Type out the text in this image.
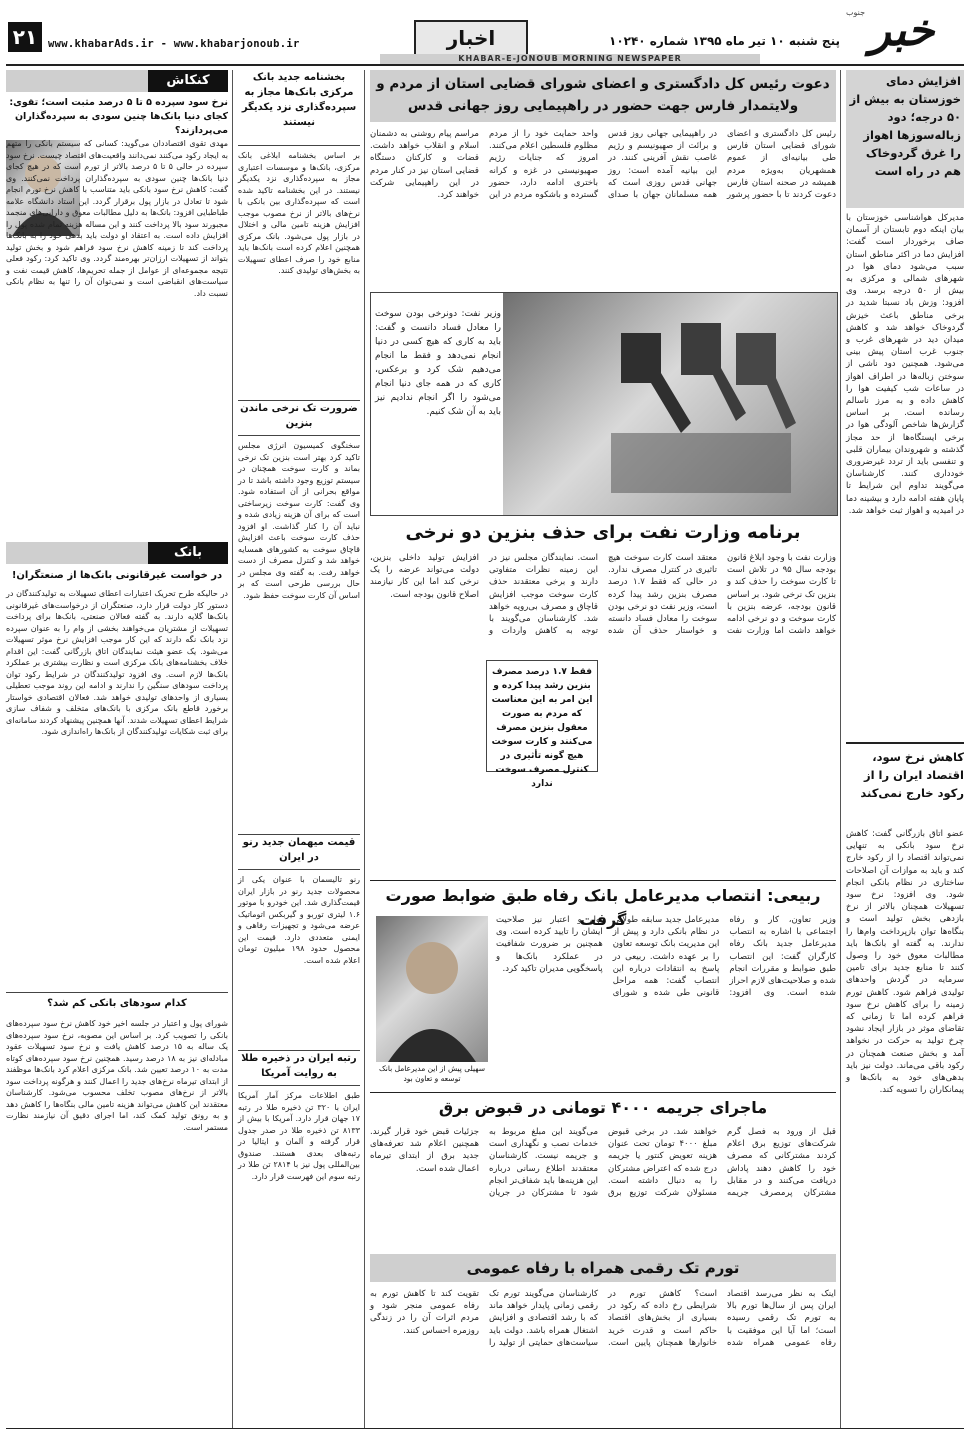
۲۱	www.khabarAds.ir - www.khabarjonoub.ir	اخبار	پنج شنبه ۱۰ تیر ماه ۱۳۹۵ شماره ۱۰۲۴۰ خبر
جنوب
KHABAR-E-JONOUB MORNING NEWSPAPER
افزایش دمای خوزستان به بیش از ۵۰ درجه؛ دود زباله‌سوزها اهواز را غرق گرد‌وخاک هم در راه است
مدیرکل هواشناسی خوزستان با بیان اینکه دوم تابستان از آسمان صاف برخوردار است گفت: افزایش دما در اکثر مناطق استان سبب می‌شود دمای هوا در شهرهای شمالی و مرکزی به بیش از ۵۰ درجه برسد. وی افزود: وزش باد نسبتا شدید در برخی مناطق باعث خیزش گرد‌وخاک خواهد شد و کاهش میدان دید در شهرهای غرب و جنوب غرب استان پیش بینی می‌شود. همچنین دود ناشی از سوختن زباله‌ها در اطراف اهواز در ساعات شب کیفیت هوا را کاهش داده و به مرز ناسالم رسانده است. بر اساس گزارش‌ها شاخص آلودگی هوا در برخی ایستگاه‌ها از حد مجاز گذشته و شهروندان بیماران قلبی و تنفسی باید از تردد غیرضروری خودداری کنند. کارشناسان می‌گویند تداوم این شرایط تا پایان هفته ادامه دارد و بیشینه دما در امیدیه و اهواز ثبت خواهد شد.
کاهش نرخ سود، اقتصاد ایران را از رکود خارج نمی‌کند
عضو اتاق بازرگانی گفت: کاهش نرخ سود بانکی به تنهایی نمی‌تواند اقتصاد را از رکود خارج کند و باید به موازات آن اصلاحات ساختاری در نظام بانکی انجام شود. وی افزود: نرخ سود تسهیلات همچنان بالاتر از نرخ بازدهی بخش تولید است و بنگاه‌ها توان بازپرداخت وام‌ها را ندارند. به گفته او بانک‌ها باید مطالبات معوق خود را وصول کنند تا منابع جدید برای تامین سرمایه در گردش واحدهای تولیدی فراهم شود. کاهش تورم زمینه را برای کاهش نرخ سود فراهم کرده اما تا زمانی که تقاضای موثر در بازار ایجاد نشود چرخ تولید به حرکت در نخواهد آمد و بخش صنعت همچنان در رکود باقی می‌ماند. دولت نیز باید بدهی‌های خود به بانک‌ها و پیمانکاران را تسویه کند.
دعوت رئیس کل دادگستری و اعضای شورای قضایی استان از مردم و ولایتمدار فارس جهت حضور در راهپیمایی روز جهانی قدس
رئیس کل دادگستری و اعضای شورای قضایی استان فارس طی بیانیه‌ای از عموم همشهریان به‌ویژه مردم همیشه در صحنه استان فارس دعوت کردند تا با حضور پرشور در راهپیمایی جهانی روز قدس و برائت از صهیونیسم و رژیم غاصب نقش آفرینی کنند. در این بیانیه آمده است: روز جهانی قدس روزی است که همه مسلمانان جهان با صدای واحد حمایت خود را از مردم مظلوم فلسطین اعلام می‌کنند. امروز که جنایات رژیم صهیونیستی در غزه و کرانه باختری ادامه دارد، حضور گسترده و باشکوه مردم در این مراسم پیام روشنی به دشمنان اسلام و انقلاب خواهد داشت. قضات و کارکنان دستگاه قضایی استان نیز در کنار مردم در این راهپیمایی شرکت خواهند کرد.
وزیر نفت: دونرخی بودن سوخت را معادل فساد دانست و گفت: باید به کاری که هیچ کسی در دنیا انجام نمی‌دهد و فقط ما انجام می‌دهیم شک کرد و برعکس، کاری که در همه جای دنیا انجام می‌شود را اگر انجام ندادیم نیز باید به آن شک کنیم.
برنامه وزارت نفت برای حذف بنزین دو نرخی
وزارت نفت با وجود ابلاغ قانون بودجه سال ۹۵ در تلاش است تا کارت سوخت را حذف کند و بنزین تک نرخی شود. بر اساس قانون بودجه، عرضه بنزین با کارت سوخت و دو نرخی ادامه خواهد داشت اما وزارت نفت معتقد است کارت سوخت هیچ تاثیری در کنترل مصرف ندارد. در حالی که فقط ۱.۷ درصد مصرف بنزین رشد پیدا کرده است، وزیر نفت دو نرخی بودن سوخت را معادل فساد دانسته و خواستار حذف آن شده است. نمایندگان مجلس نیز در این زمینه نظرات متفاوتی دارند و برخی معتقدند حذف کارت سوخت موجب افزایش قاچاق و مصرف بی‌رویه خواهد شد. کارشناسان می‌گویند با توجه به کاهش واردات و افزایش تولید داخلی بنزین، دولت می‌تواند عرضه را یک نرخی کند اما این کار نیازمند اصلاح قانون بودجه است.
فقط ۱.۷ درصد مصرف بنزین رشد پیدا کرده و این امر به این معناست که مردم به صورت معقول بنزین مصرف می‌کنند و کارت سوخت هیچ گونه تأثیری در کنترل مصرف سوخت ندارد
ربیعی: انتصاب مدیرعامل بانک رفاه طبق ضوابط صورت گرفت	وزیر تعاون، کار و رفاه اجتماعی با اشاره به انتصاب مدیرعامل جدید بانک رفاه کارگران گفت: این انتصاب طبق ضوابط و مقررات انجام شده و صلاحیت‌های لازم احراز شده است. وی افزود: مدیرعامل جدید سابقه طولانی در نظام بانکی دارد و پیش از این مدیریت بانک توسعه تعاون را بر عهده داشت. ربیعی در پاسخ به انتقادات درباره این انتصاب گفت: همه مراحل قانونی طی شده و شورای پول و اعتبار نیز صلاحیت ایشان را تایید کرده است. وی همچنین بر ضرورت شفافیت در عملکرد بانک‌ها و پاسخگویی مدیران تاکید کرد.
سهیلی پیش از این مدیرعامل بانک توسعه و تعاون بود
ماجرای جریمه ۴۰۰۰ تومانی در قبوض برق
قبل از ورود به فصل گرم شرکت‌های توزیع برق اعلام کردند مشترکانی که مصرف خود را کاهش دهند پاداش دریافت می‌کنند و در مقابل مشترکان پرمصرف جریمه خواهند شد. در برخی قبوض مبلغ ۴۰۰۰ تومان تحت عنوان هزینه تعویض کنتور یا جریمه درج شده که اعتراض مشترکان را به دنبال داشته است. مسئولان شرکت توزیع برق می‌گویند این مبلغ مربوط به خدمات نصب و نگهداری است و جریمه نیست. کارشناسان معتقدند اطلاع رسانی درباره این هزینه‌ها باید شفاف‌تر انجام شود تا مشترکان در جریان جزئیات قبض خود قرار گیرند. همچنین اعلام شد تعرفه‌های جدید برق از ابتدای تیرماه اعمال شده است.
تورم تک رقمی همراه با رفاه عمومی
اینک به نظر می‌رسد اقتصاد ایران پس از سال‌ها تورم بالا به تورم تک رقمی رسیده است؛ اما آیا این موفقیت با رفاه عمومی همراه شده است؟ کاهش تورم در شرایطی رخ داده که رکود در بسیاری از بخش‌های اقتصاد حاکم است و قدرت خرید خانوارها همچنان پایین است. کارشناسان می‌گویند تورم تک رقمی زمانی پایدار خواهد ماند که با رشد اقتصادی و افزایش اشتغال همراه باشد. دولت باید سیاست‌های حمایتی از تولید را تقویت کند تا کاهش تورم به رفاه عمومی منجر شود و مردم اثرات آن را در زندگی روزمره احساس کنند.
بخشنامه جدید بانک مرکزی بانک‌ها مجاز به سپرده‌گذاری نزد یکدیگر نیستند
بر اساس بخشنامه ابلاغی بانک مرکزی، بانک‌ها و موسسات اعتباری مجاز به سپرده‌گذاری نزد یکدیگر نیستند. در این بخشنامه تاکید شده است که سپرده‌گذاری بین بانکی با نرخ‌های بالاتر از نرخ مصوب موجب افزایش هزینه تامین مالی و اختلال در بازار پول می‌شود. بانک مرکزی همچنین اعلام کرده است بانک‌ها باید منابع خود را صرف اعطای تسهیلات به بخش‌های تولیدی کنند.
ضرورت تک نرخی ماندن بنزین
سخنگوی کمیسیون انرژی مجلس تاکید کرد بهتر است بنزین تک نرخی بماند و کارت سوخت همچنان در سیستم توزیع وجود داشته باشد تا در مواقع بحرانی از آن استفاده شود. وی گفت: کارت سوخت زیرساختی است که برای آن هزینه زیادی شده و نباید آن را کنار گذاشت. او افزود حذف کارت سوخت باعث افزایش قاچاق سوخت به کشورهای همسایه خواهد شد و کنترل مصرف از دست خواهد رفت. به گفته وی مجلس در حال بررسی طرحی است که بر اساس آن کارت سوخت حفظ شود.
قیمت میهمان جدید رنو در ایران
رنو تالیسمان با عنوان یکی از محصولات جدید رنو در بازار ایران قیمت‌گذاری شد. این خودرو با موتور ۱.۶ لیتری توربو و گیربکس اتوماتیک عرضه می‌شود و تجهیزات رفاهی و ایمنی متعددی دارد. قیمت این محصول حدود ۱۹۸ میلیون تومان اعلام شده است.
رتبه ایران در ذخیره طلا به روایت آمریکا
طبق اطلاعات مرکز آمار آمریکا ایران با ۳۲۰ تن ذخیره طلا در رتبه ۱۷ جهان قرار دارد. آمریکا با بیش از ۸۱۳۳ تن ذخیره طلا در صدر جدول قرار گرفته و آلمان و ایتالیا در رتبه‌های بعدی هستند. صندوق بین‌المللی پول نیز با ۲۸۱۴ تن طلا در رتبه سوم این فهرست قرار دارد.
کنکاش
نرخ سود سپرده ۵ تا ۵ درصد مثبت است؛ تقوی: کجای دنیا بانک‌ها چنین سودی به سپرده‌گذاران می‌پردازند؟
مهدی تقوی اقتصاددان می‌گوید: کسانی که سیستم بانکی را متهم به ایجاد رکود می‌کنند نمی‌دانند واقعیت‌های اقتصاد چیست. نرخ سود سپرده در حالی ۵ تا ۵ درصد بالاتر از تورم است که در هیچ کجای دنیا بانک‌ها چنین سودی به سپرده‌گذاران پرداخت نمی‌کنند. وی گفت: کاهش نرخ سود بانکی باید متناسب با کاهش نرخ تورم انجام شود تا تعادل در بازار پول برقرار گردد. این استاد دانشگاه علامه طباطبایی افزود: بانک‌ها به دلیل مطالبات معوق و دارایی‌های منجمد مجبورند سود بالا پرداخت کنند و این مساله هزینه تمام شده پول را افزایش داده است. به اعتقاد او دولت باید بدهی خود را به بانک‌ها پرداخت کند تا زمینه کاهش نرخ سود فراهم شود و بخش تولید بتواند از تسهیلات ارزان‌تر بهره‌مند گردد. وی تاکید کرد: رکود فعلی نتیجه مجموعه‌ای از عوامل از جمله تحریم‌ها، کاهش قیمت نفت و سیاست‌های انقباضی است و نمی‌توان آن را تنها به نظام بانکی نسبت داد.
بانک
در خواست غیرقانونی بانک‌ها از صنعتگران!
در حالیکه طرح تحریک اعتبارات اعطای تسهیلات به تولیدکنندگان در دستور کار دولت قرار دارد، صنعتگران از درخواست‌های غیرقانونی بانک‌ها گلایه دارند. به گفته فعالان صنعتی، بانک‌ها برای پرداخت تسهیلات از مشتریان می‌خواهند بخشی از وام را به عنوان سپرده نزد بانک نگه دارند که این کار موجب افزایش نرخ موثر تسهیلات می‌شود. یک عضو هیئت نمایندگان اتاق بازرگانی گفت: این اقدام خلاف بخشنامه‌های بانک مرکزی است و نظارت بیشتری بر عملکرد بانک‌ها لازم است. وی افزود تولیدکنندگان در شرایط رکود توان پرداخت سودهای سنگین را ندارند و ادامه این روند موجب تعطیلی بسیاری از واحدهای تولیدی خواهد شد. فعالان اقتصادی خواستار برخورد قاطع بانک مرکزی با بانک‌های متخلف و شفاف سازی شرایط اعطای تسهیلات شدند. آنها همچنین پیشنهاد کردند سامانه‌ای برای ثبت شکایات تولیدکنندگان از بانک‌ها راه‌اندازی شود.
کدام سودهای بانکی کم شد؟
شورای پول و اعتبار در جلسه اخیر خود کاهش نرخ سود سپرده‌های بانکی را تصویب کرد. بر اساس این مصوبه، نرخ سود سپرده‌های یک ساله به ۱۵ درصد کاهش یافت و نرخ سود تسهیلات عقود مبادله‌ای نیز به ۱۸ درصد رسید. همچنین نرخ سود سپرده‌های کوتاه مدت به ۱۰ درصد تعیین شد. بانک مرکزی اعلام کرد بانک‌ها موظفند از ابتدای تیرماه نرخ‌های جدید را اعمال کنند و هرگونه پرداخت سود بالاتر از نرخ‌های مصوب تخلف محسوب می‌شود. کارشناسان معتقدند این کاهش می‌تواند هزینه تامین مالی بنگاه‌ها را کاهش دهد و به رونق تولید کمک کند، اما اجرای دقیق آن نیازمند نظارت مستمر است.
